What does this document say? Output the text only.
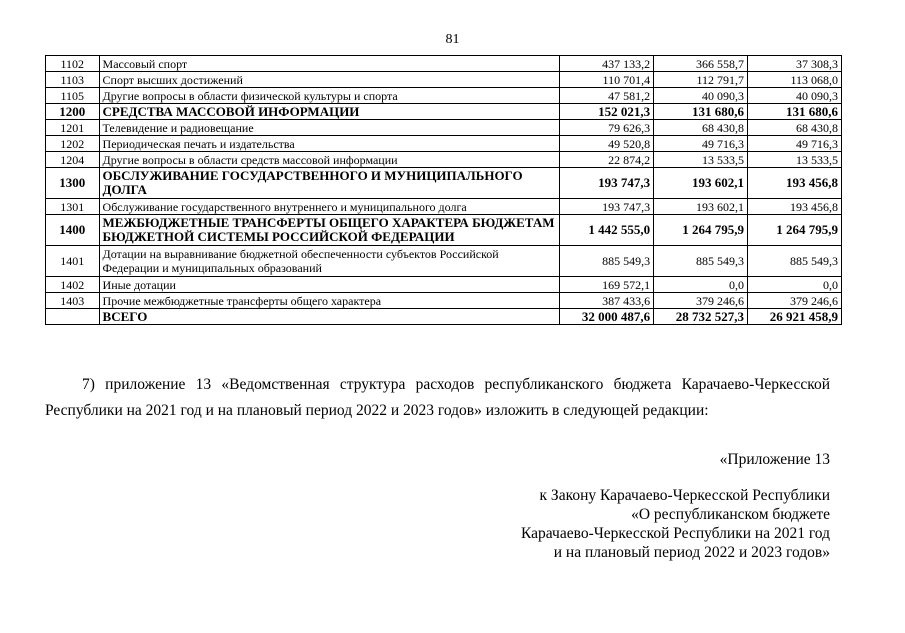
81
1102	Массовый спорт	437 133,2	366 558,7	37 308,3
1103	Спорт высших достижений	110 701,4	112 791,7	113 068,0
1105	Другие вопросы в области физической культуры и спорта	47 581,2	40 090,3	40 090,3
1200	СРЕДСТВА МАССОВОЙ ИНФОРМАЦИИ	152 021,3	131 680,6	131 680,6
1201	Телевидение и радиовещание	79 626,3	68 430,8	68 430,8
1202	Периодическая печать и издательства	49 520,8	49 716,3	49 716,3
1204	Другие вопросы в области средств массовой информации	22 874,2	13 533,5	13 533,5
1300	ОБСЛУЖИВАНИЕ ГОСУДАРСТВЕННОГО И МУНИЦИПАЛЬНОГО ДОЛГА	193 747,3	193 602,1	193 456,8
1301	Обслуживание государственного внутреннего и муниципального долга	193 747,3	193 602,1	193 456,8
1400	МЕЖБЮДЖЕТНЫЕ ТРАНСФЕРТЫ ОБЩЕГО ХАРАКТЕРА БЮДЖЕТАМ БЮДЖЕТНОЙ СИСТЕМЫ РОССИЙСКОЙ ФЕДЕРАЦИИ	1 442 555,0	1 264 795,9	1 264 795,9
1401	Дотации на выравнивание бюджетной обеспеченности субъектов Российской Федерации и муниципальных образований	885 549,3	885 549,3	885 549,3
1402	Иные дотации	169 572,1	0,0	0,0
1403	Прочие межбюджетные трансферты общего характера	387 433,6	379 246,6	379 246,6
	ВСЕГО	32 000 487,6	28 732 527,3	26 921 458,9
7) приложение 13 «Ведомственная структура расходов республиканского бюджета Карачаево-Черкесской Республики на 2021 год и на плановый период 2022 и 2023 годов» изложить в следующей редакции:
«Приложение 13
к Закону Карачаево-Черкесской Республики
«О республиканском бюджете
Карачаево-Черкесской Республики на 2021 год
и на плановый период 2022 и 2023 годов»
